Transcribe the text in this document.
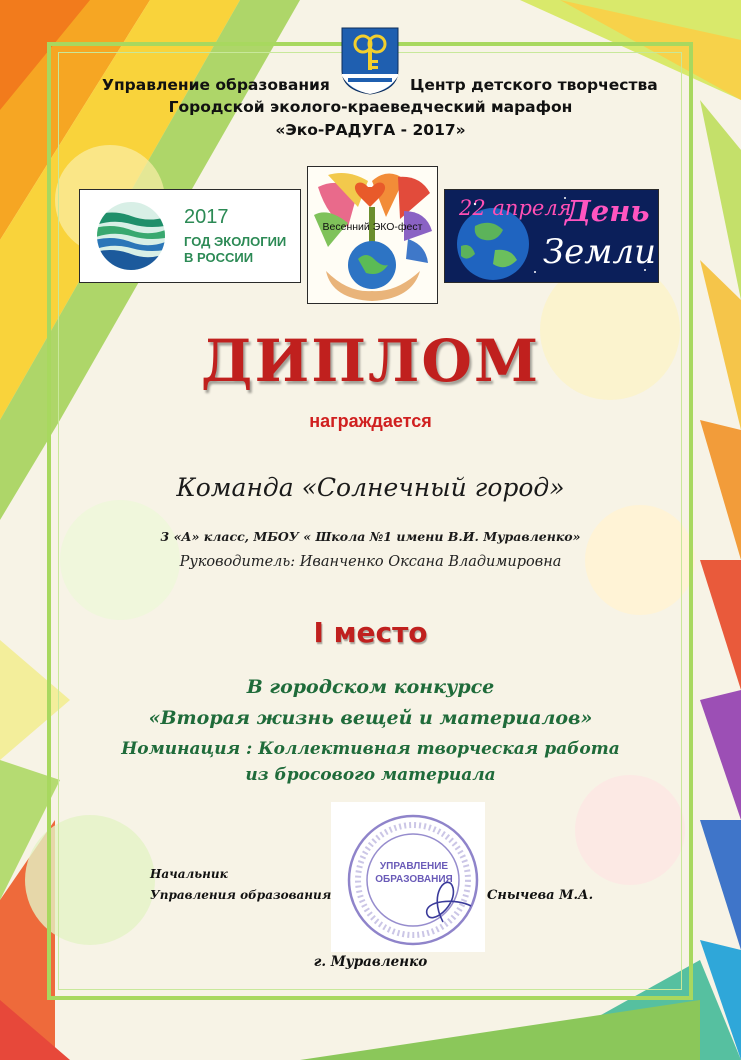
Управление образования	Центр детского творчества
Городской эколого-краеведческий марафон
«Эко-РАДУГА - 2017»
2017
ГОД ЭКОЛОГИИ
В РОССИИ
Весенний ЭКО-фест
22 апреля
День
Земли
ДИПЛОМ
награждается
Команда «Солнечный город»
3 «А» класс, МБОУ « Школа №1 имени В.И. Муравленко»
Руководитель: Иванченко Оксана Владимировна
I место
В городском конкурсе
«Вторая жизнь вещей и материалов»
Номинация : Коллективная творческая работа
из бросового материала
УПРАВЛЕНИЕ ОБРАЗОВАНИЯ
Начальник
Управления образования	Снычева М.А.
г. Муравленко
